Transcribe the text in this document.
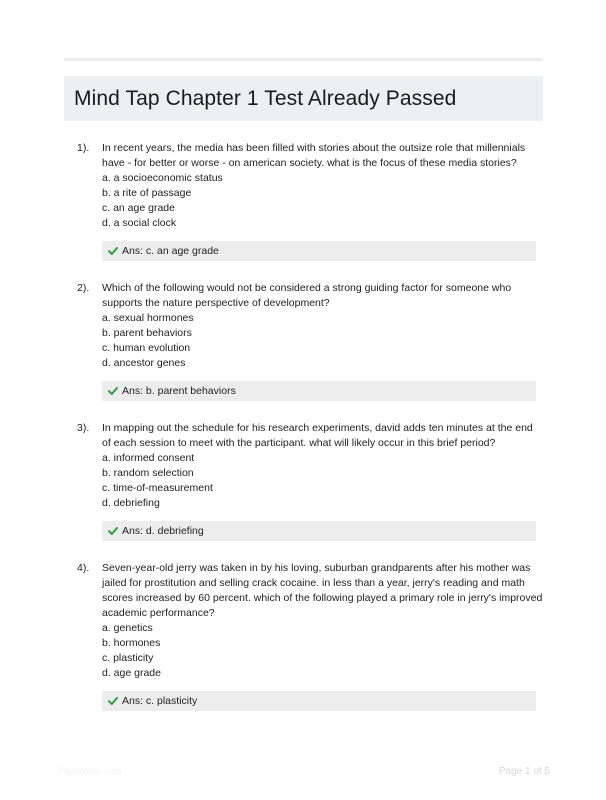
Mind Tap Chapter 1 Test Already Passed
1). In recent years, the media has been filled with stories about the outsize role that millennials have - for better or worse - on american society. what is the focus of these media stories?

a. a socioeconomic status
b. a rite of passage
c. an age grade
d. a social clock
Ans: c. an age grade
2). Which of the following would not be considered a strong guiding factor for someone who supports the nature perspective of development?

a. sexual hormones
b. parent behaviors
c. human evolution
d. ancestor genes
Ans: b. parent behaviors
3). In mapping out the schedule for his research experiments, david adds ten minutes at the end of each session to meet with the participant. what will likely occur in this brief period?

a. informed consent
b. random selection
c. time-of-measurement
d. debriefing
Ans: d. debriefing
4). Seven-year-old jerry was taken in by his loving, suburban grandparents after his mother was jailed for prostitution and selling crack cocaine. in less than a year, jerry's reading and math scores increased by 60 percent. which of the following played a primary role in jerry's improved academic performance?

a. genetics
b. hormones
c. plasticity
d. age grade
Ans: c. plasticity
PaperWhiz.com	Page 1 of 5
